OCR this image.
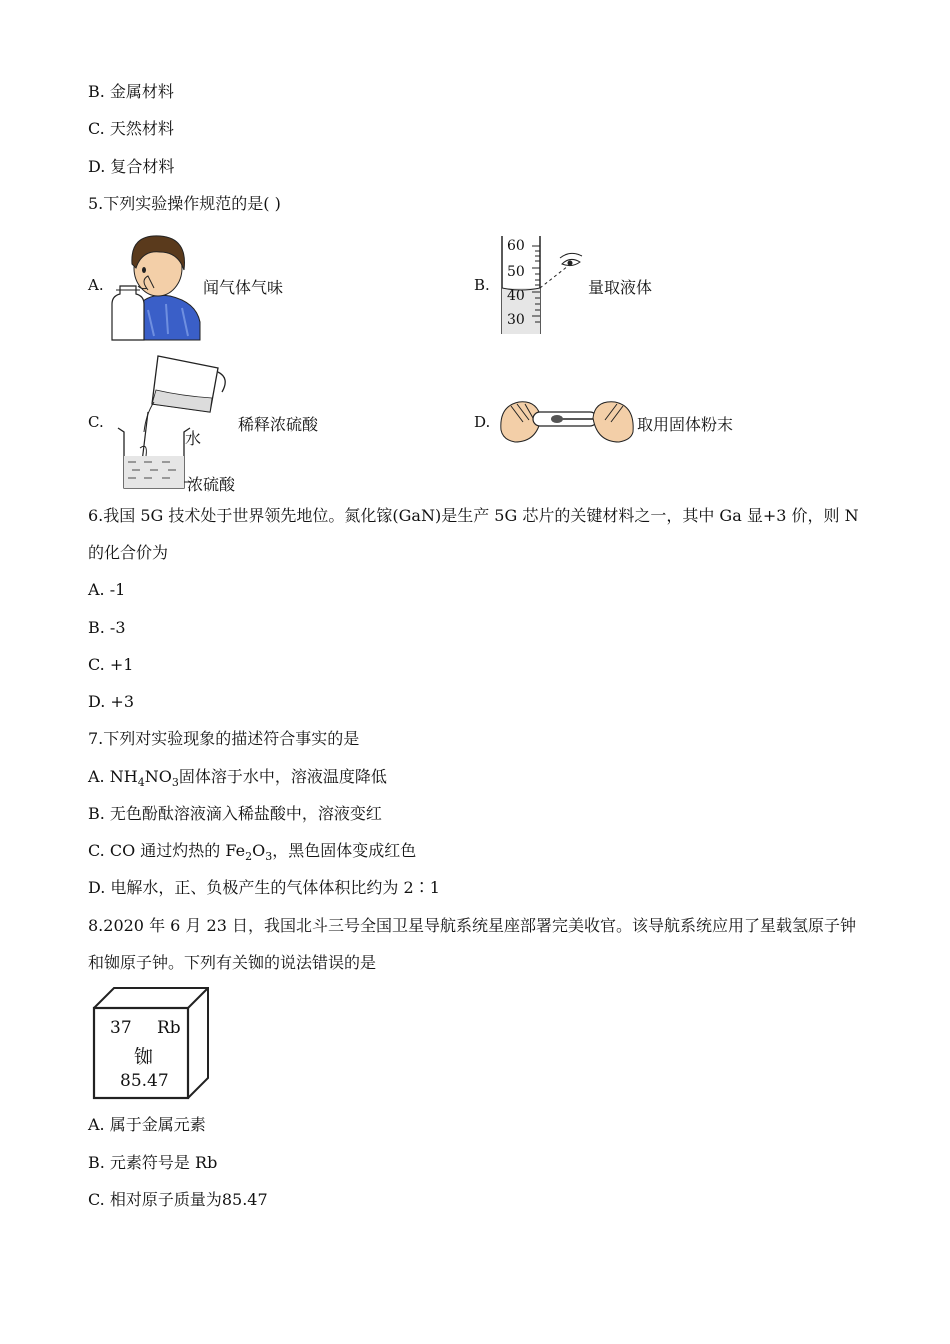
B. 金属材料
C. 天然材料
D. 复合材料
5.下列实验操作规范的是( )
A.	闻气体气味	B.
60
50
40
30
量取液体
C.
水
浓硫酸
稀释浓硫酸	D.	取用固体粉末
6.我国 5G 技术处于世界领先地位。氮化镓(GaN)是生产 5G 芯片的关键材料之一，其中 Ga 显+3 价，则 N
的化合价为
A. -1
B. -3
C. +1
D. +3
7.下列对实验现象的描述符合事实的是
A. $NH_4NO_3$固体溶于水中，溶液温度降低
B. 无色酚酞溶液滴入稀盐酸中，溶液变红
C. CO 通过灼热的 $Fe_2O_3$，黑色固体变成红色
D. 电解水，正、负极产生的气体体积比约为 2∶1
8.2020 年 6 月 23 日，我国北斗三号全国卫星导航系统星座部署完美收官。该导航系统应用了星载氢原子钟
和铷原子钟。下列有关铷的说法错误的是
37 Rb
铷
85.47
A. 属于金属元素
B. 元素符号是 Rb
C. 相对原子质量为85.47
